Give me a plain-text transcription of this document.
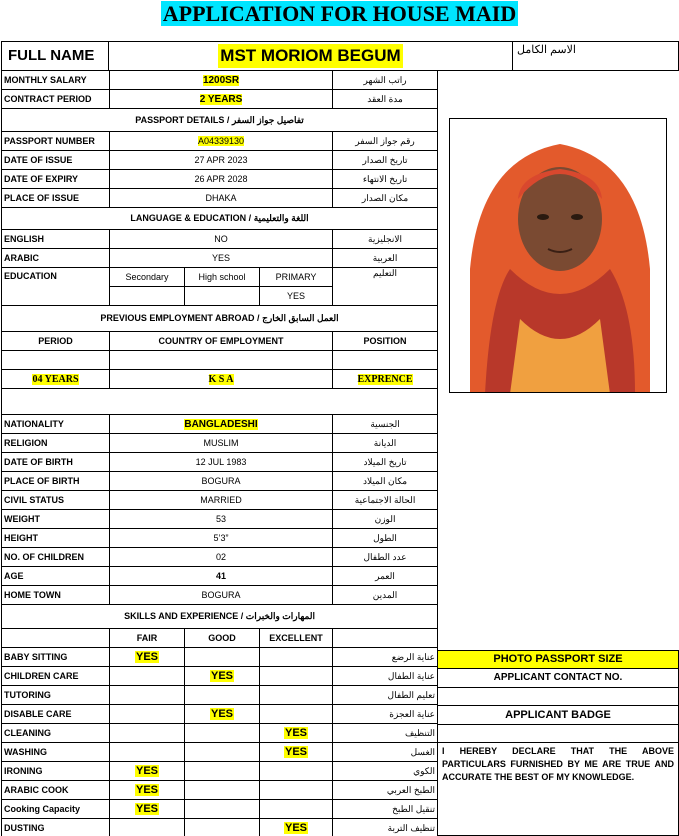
APPLICATION FOR HOUSE MAID
FULL NAME	MST MORIOM BEGUM	الاسم الكامل
MONTHLY SALARY	1200SR			راتب الشهر
CONTRACT PERIOD	2 YEARS			مدة العقد
PASSPORT DETAILS / تفاصيل جواز السفر				
PASSPORT NUMBER	A04339130			رقم جواز السفر
DATE OF ISSUE	27 APR 2023			تاريخ الصدار
DATE OF EXPIRY	26 APR 2028			تاريخ الانتهاء
PLACE OF ISSUE	DHAKA			مكان الصدار
LANGUAGE & EDUCATION / اللغة والتعليمية				
ENGLISH	NO			الانجليزية
ARABIC	YES			العربية
EDUCATION	Secondary	High school	PRIMARY	التعليم
			YES	
PREVIOUS EMPLOYMENT ABROAD / العمل السابق الخارج				
PERIOD	COUNTRY OF EMPLOYMENT			POSITION

04 YEARS	K S A			EXPRENCE

NATIONALITY	BANGLADESHI			الجنسية
RELIGION	MUSLIM			الديانة
DATE OF BIRTH	12 JUL 1983			تاريخ الميلاد
PLACE OF BIRTH	BOGURA			مكان الميلاد
CIVIL STATUS	MARRIED			الحالة الاجتماعية
WEIGHT	53			الوزن
HEIGHT	5’3”			الطول
NO. OF CHILDREN	02			عدد الطفال
AGE	41			العمر
HOME TOWN	BOGURA			المدين
SKILLS AND EXPERIENCE / المهارات والخبرات				
	FAIR	GOOD	EXCELLENT	
BABY SITTING	YES			عناية الرضع
CHILDREN CARE		YES		عناية الطفال
TUTORING				تعليم الطفال
DISABLE CARE		YES		عناية العجزة
CLEANING			YES	التنظيف
WASHING			YES	الغسل
IRONING	YES			الكوي
ARABIC COOK	YES			الطبخ العربي
Cooking Capacity	YES			تنقيل الطبخ
DUSTING			YES	تنظيف التربة
PHOTO PASSPORT SIZE
APPLICANT CONTACT NO.
APPLICANT BADGE
I HEREBY DECLARE THAT THE ABOVE PARTICULARS FURNISHED BY ME ARE TRUE AND ACCURATE THE BEST OF MY KNOWLEDGE.
